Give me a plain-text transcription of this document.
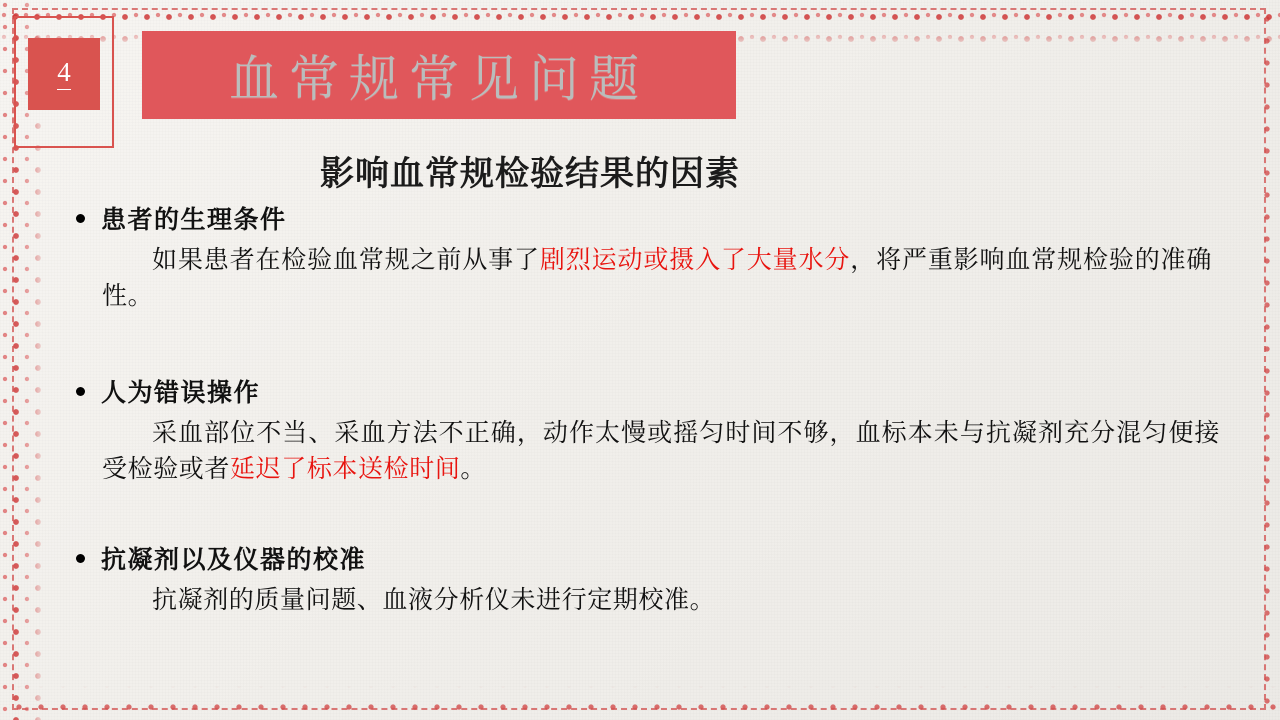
4	血常规常见问题
影响血常规检验结果的因素
患者的生理条件
如果患者在检验血常规之前从事了剧烈运动或摄入了大量水分，将严重影响血常规检验的准确性。
人为错误操作
采血部位不当、采血方法不正确，动作太慢或摇匀时间不够，血标本未与抗凝剂充分混匀便接受检验或者延迟了标本送检时间。
抗凝剂以及仪器的校准
抗凝剂的质量问题、血液分析仪未进行定期校准。
